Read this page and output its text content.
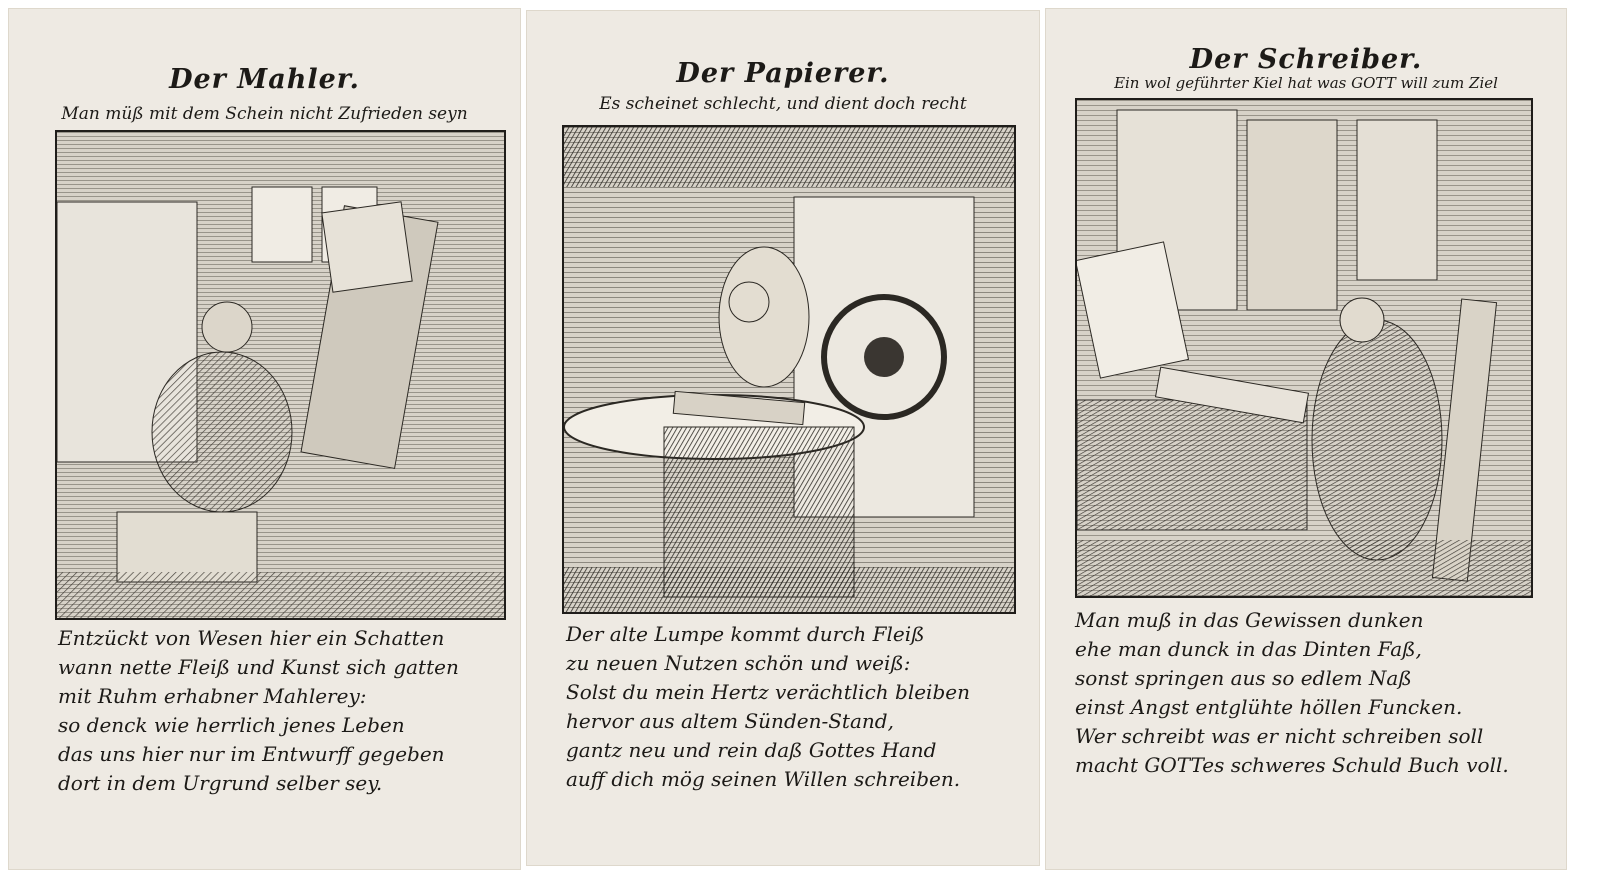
Der Mahler.
Man müß mit dem Schein nicht Zufrieden seyn
Entzückt von Wesen hier ein Schatten
wann nette Fleiß und Kunst sich gatten
mit Ruhm erhabner Mahlerey:
so denck wie herrlich jenes Leben
das uns hier nur im Entwurff gegeben
dort in dem Urgrund selber sey.
Der Papierer.
Es scheinet schlecht, und dient doch recht
Der alte Lumpe kommt durch Fleiß
zu neuen Nutzen schön und weiß:
Solst du mein Hertz verächtlich bleiben
hervor aus altem Sünden-Stand,
gantz neu und rein daß Gottes Hand
auff dich mög seinen Willen schreiben.
Der Schreiber.
Ein wol geführter Kiel hat was GOTT will zum Ziel
Man muß in das Gewissen dunken
ehe man dunck in das Dinten Faß,
sonst springen aus so edlem Naß
einst Angst entglühte höllen Funcken.
Wer schreibt was er nicht schreiben soll
macht GOTTes schweres Schuld Buch voll.
